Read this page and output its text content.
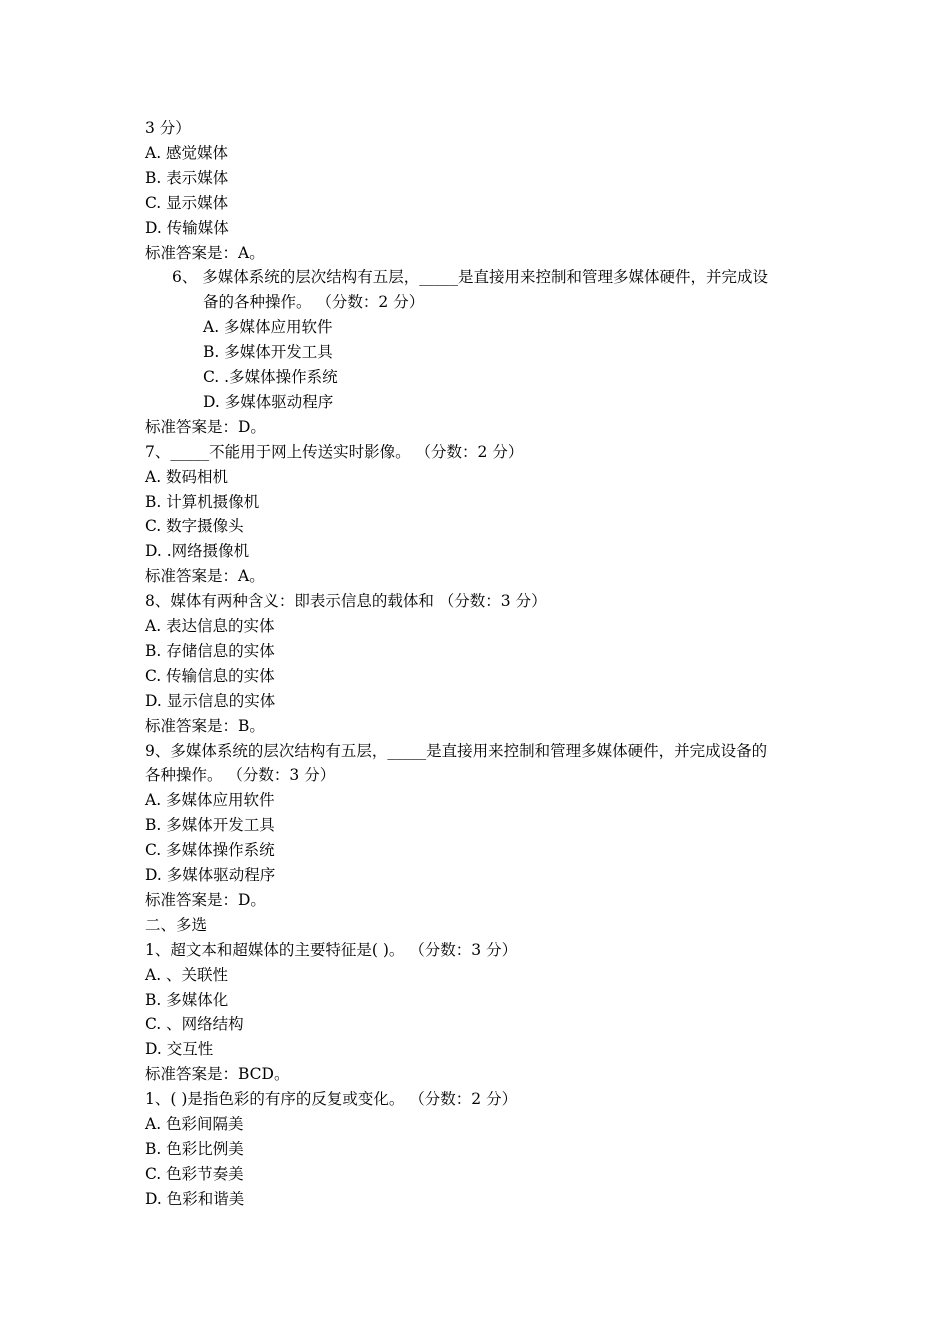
3 分）
A. 感觉媒体
B. 表示媒体
C. 显示媒体
D. 传输媒体
标准答案是：A。
6、 多媒体系统的层次结构有五层，_____是直接用来控制和管理多媒体硬件，并完成设
备的各种操作。 （分数：2 分）
A. 多媒体应用软件
B. 多媒体开发工具
C. .多媒体操作系统
D. 多媒体驱动程序
标准答案是：D。
7、_____不能用于网上传送实时影像。 （分数：2 分）
A. 数码相机
B. 计算机摄像机
C. 数字摄像头
D. .网络摄像机
标准答案是：A。
8、媒体有两种含义：即表示信息的载体和 （分数：3 分）
A. 表达信息的实体
B. 存储信息的实体
C. 传输信息的实体
D. 显示信息的实体
标准答案是：B。
9、多媒体系统的层次结构有五层，_____是直接用来控制和管理多媒体硬件，并完成设备的
各种操作。 （分数：3 分）
A. 多媒体应用软件
B. 多媒体开发工具
C. 多媒体操作系统
D. 多媒体驱动程序
标准答案是：D。
二、多选
1、超文本和超媒体的主要特征是( )。 （分数：3 分）
A. 、关联性
B. 多媒体化
C. 、网络结构
D. 交互性
标准答案是：BCD。
1、( )是指色彩的有序的反复或变化。 （分数：2 分）
A. 色彩间隔美
B. 色彩比例美
C. 色彩节奏美
D. 色彩和谐美
